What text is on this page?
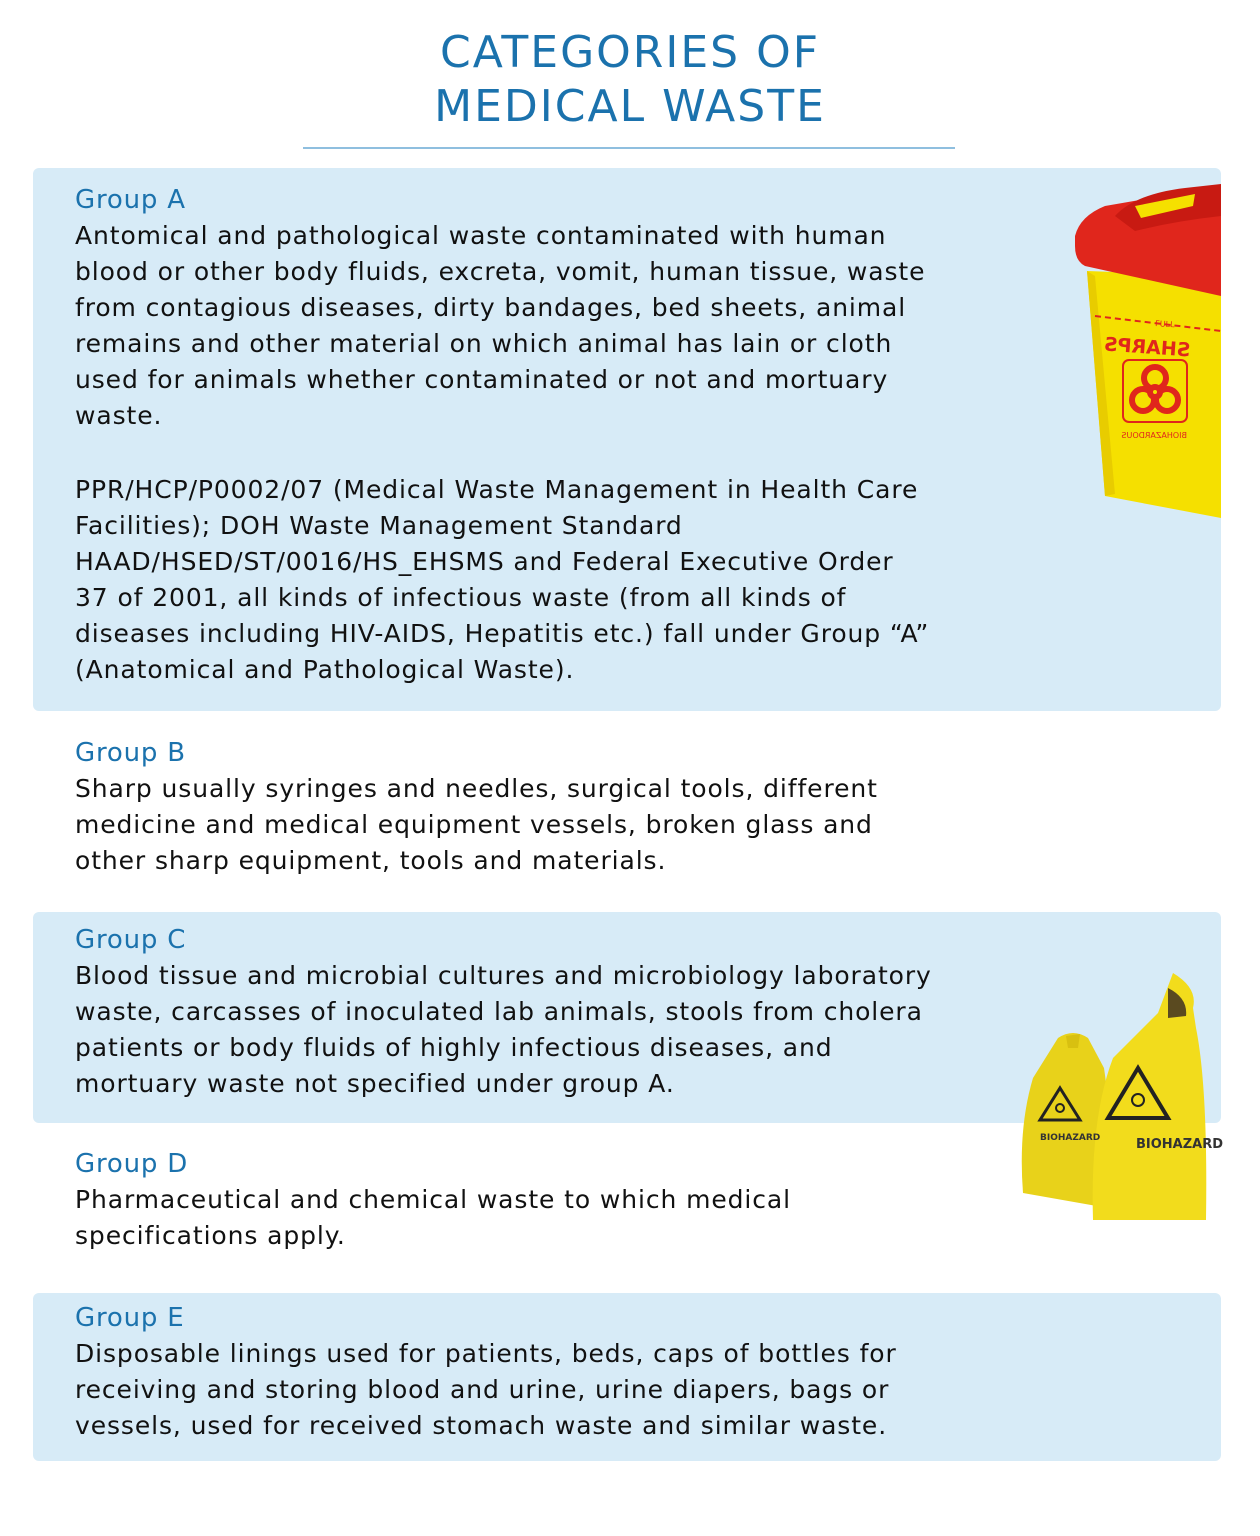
CATEGORIES OF
MEDICAL WASTE
Group A
Antomical and pathological waste contaminated with human
blood or other body fluids, excreta, vomit, human tissue, waste
from contagious diseases, dirty bandages, bed sheets, animal
remains and other material on which animal has lain or cloth
used for animals whether contaminated or not and mortuary
waste.
PPR/HCP/P0002/07 (Medical Waste Management in Health Care
Facilities); DOH Waste Management Standard
HAAD/HSED/ST/0016/HS_EHSMS and Federal Executive Order
37 of 2001, all kinds of infectious waste (from all kinds of
diseases including HIV-AIDS, Hepatitis etc.) fall under Group “A”
(Anatomical and Pathological Waste).
Group B
Sharp usually syringes and needles, surgical tools, different
medicine and medical equipment vessels, broken glass and
other sharp equipment, tools and materials.
Group C
Blood tissue and microbial cultures and microbiology laboratory
waste, carcasses of inoculated lab animals, stools from cholera
patients or body fluids of highly infectious diseases, and
mortuary waste not specified under group A.
Group D
Pharmaceutical and chemical waste to which medical
specifications apply.
Group E
Disposable linings used for patients, beds, caps of bottles for
receiving and storing blood and urine, urine diapers, bags or
vessels, used for received stomach waste and similar waste.
FULL
SHARPS
BIOHAZARDOUS
BIOHAZARD
BIOHAZARD
